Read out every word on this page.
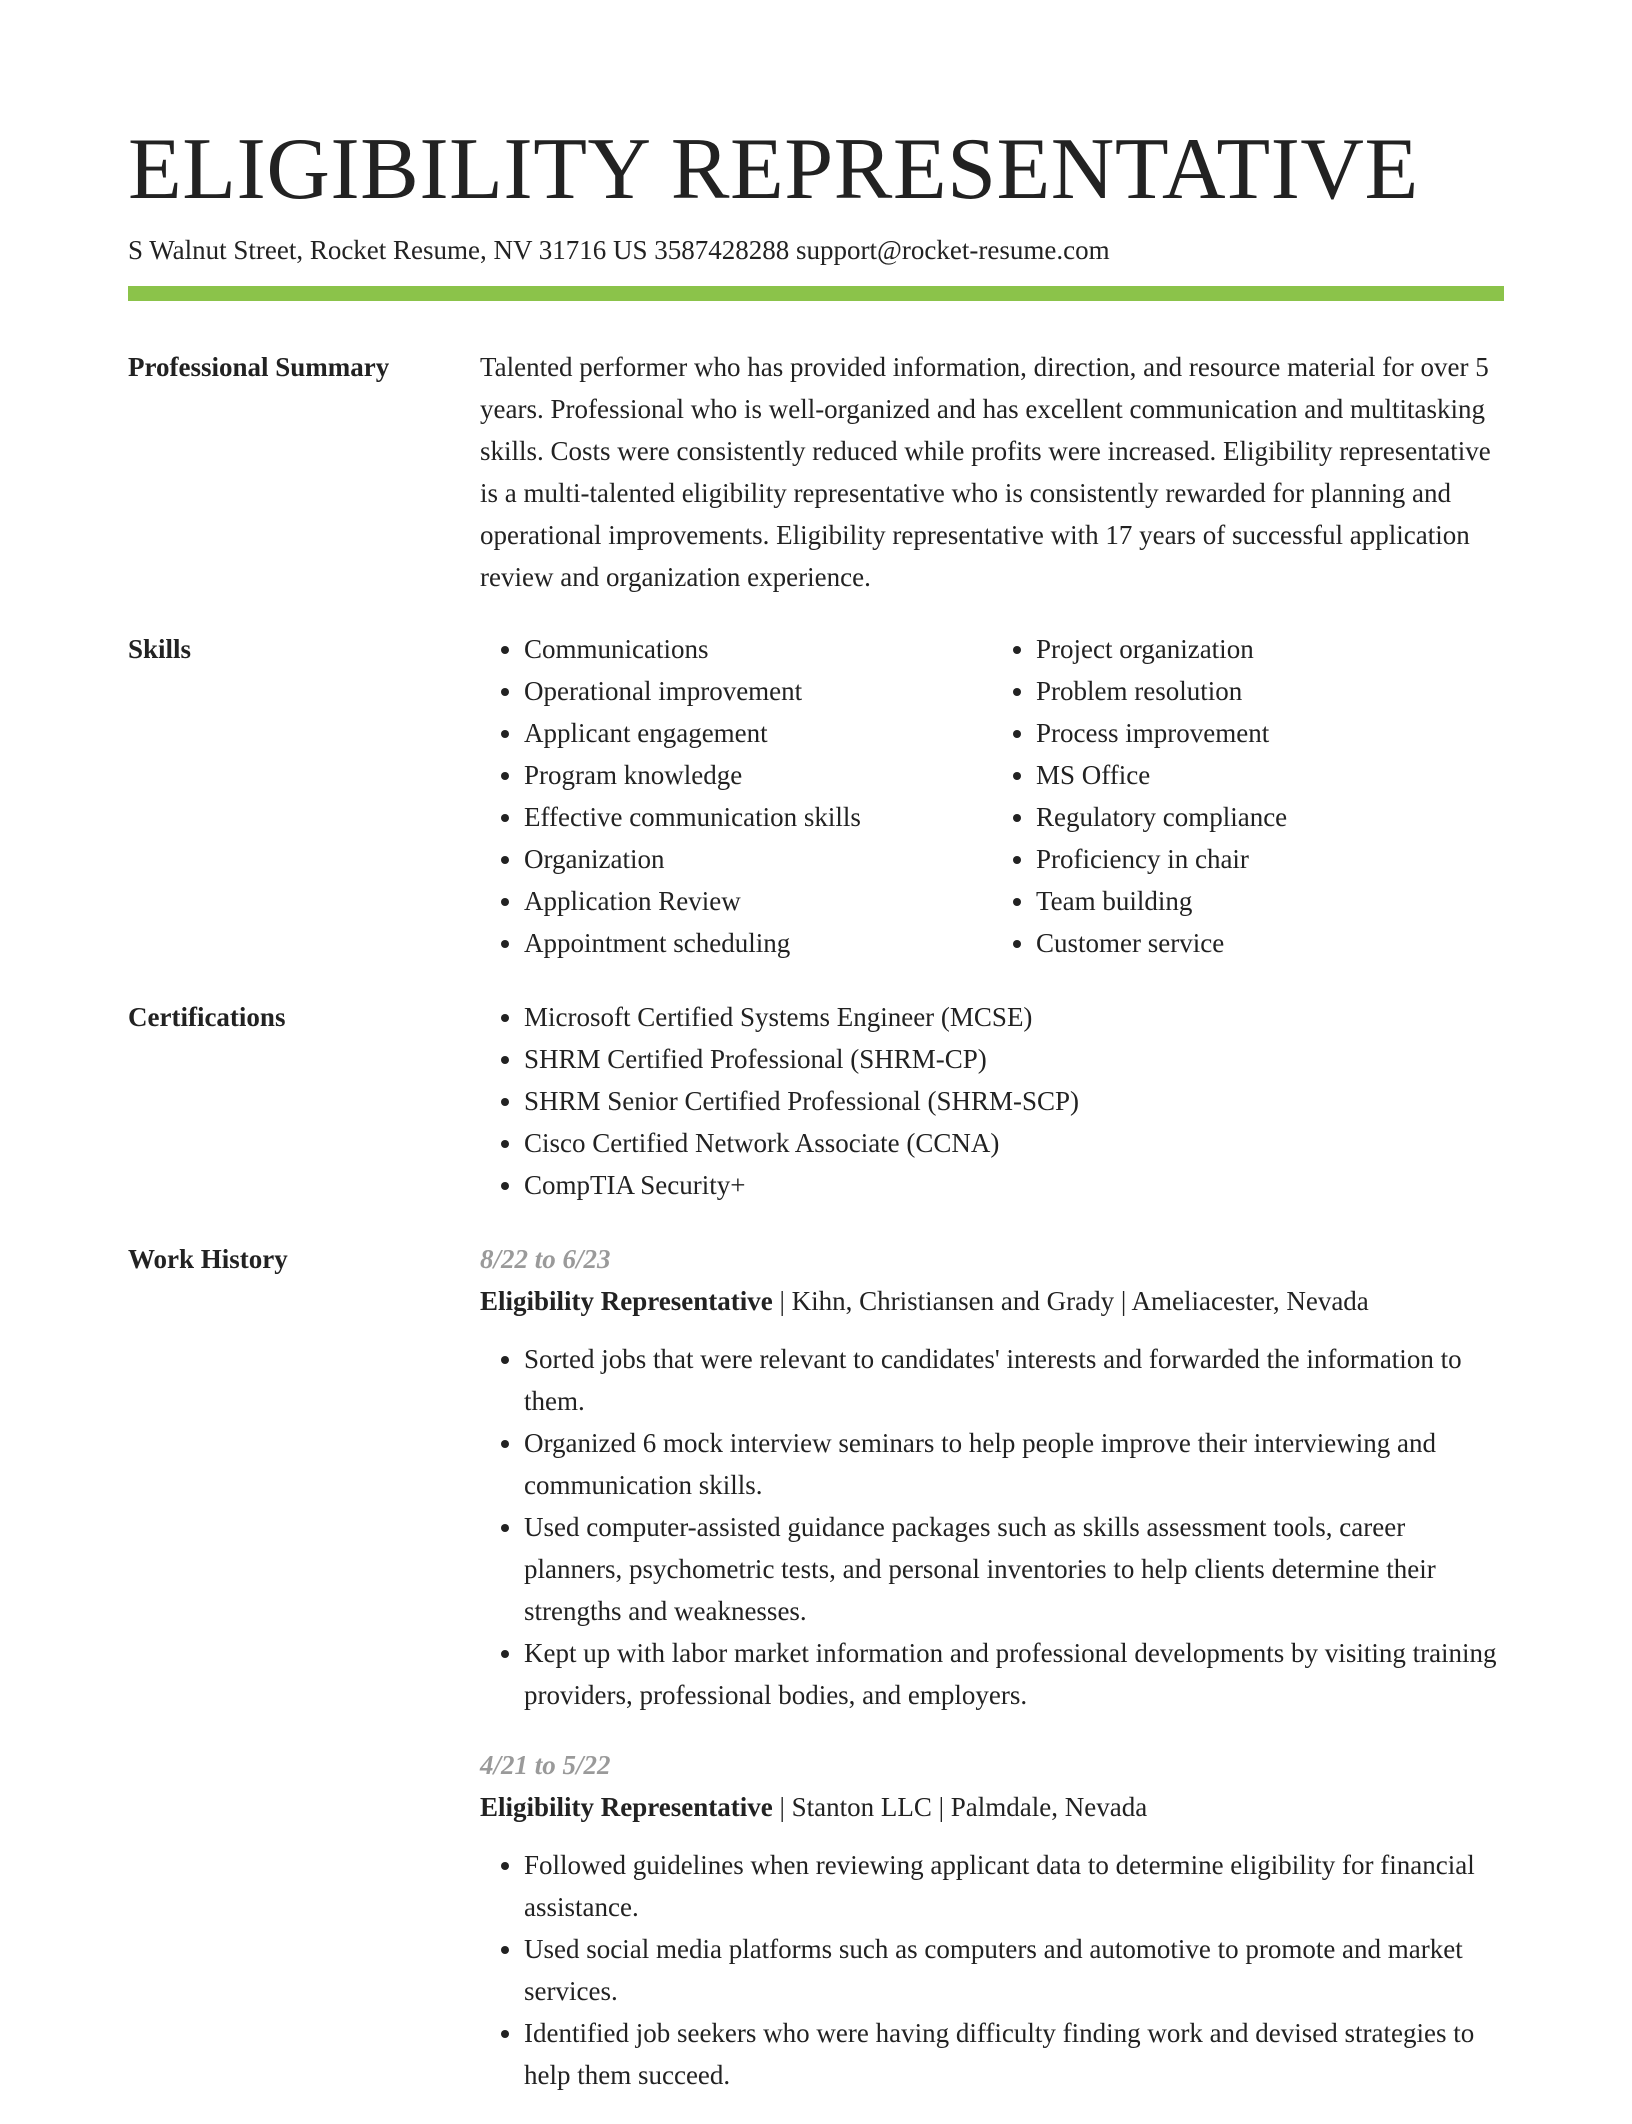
ELIGIBILITY REPRESENTATIVE
S Walnut Street, Rocket Resume, NV 31716 US 3587428288 support@rocket-resume.com
Professional Summary	Talented performer who has provided information, direction, and resource material for over 5 years. Professional who is well-organized and has excellent communication and multitasking skills. Costs were consistently reduced while profits were increased. Eligibility representative is a multi-talented eligibility representative who is consistently rewarded for planning and operational improvements. Eligibility representative with 17 years of successful application review and organization experience.

Skills	• Communications
• Operational improvement
• Applicant engagement
• Program knowledge
• Effective communication skills
• Organization
• Application Review
• Appointment scheduling
• Project organization
• Problem resolution
• Process improvement
• MS Office
• Regulatory compliance
• Proficiency in chair
• Team building
• Customer service
Certifications	• Microsoft Certified Systems Engineer (MCSE)
• SHRM Certified Professional (SHRM-CP)
• SHRM Senior Certified Professional (SHRM-SCP)
• Cisco Certified Network Associate (CCNA)
• CompTIA Security+
Work History	8/22 to 6/23
Eligibility Representative | Kihn, Christiansen and Grady | Ameliacester, Nevada
• Sorted jobs that were relevant to candidates' interests and forwarded the information to them.
• Organized 6 mock interview seminars to help people improve their interviewing and communication skills.
• Used computer-assisted guidance packages such as skills assessment tools, career planners, psychometric tests, and personal inventories to help clients determine their strengths and weaknesses.
• Kept up with labor market information and professional developments by visiting training providers, professional bodies, and employers.
4/21 to 5/22
Eligibility Representative | Stanton LLC | Palmdale, Nevada
• Followed guidelines when reviewing applicant data to determine eligibility for financial assistance.
• Used social media platforms such as computers and automotive to promote and market services.
• Identified job seekers who were having difficulty finding work and devised strategies to help them succeed.
